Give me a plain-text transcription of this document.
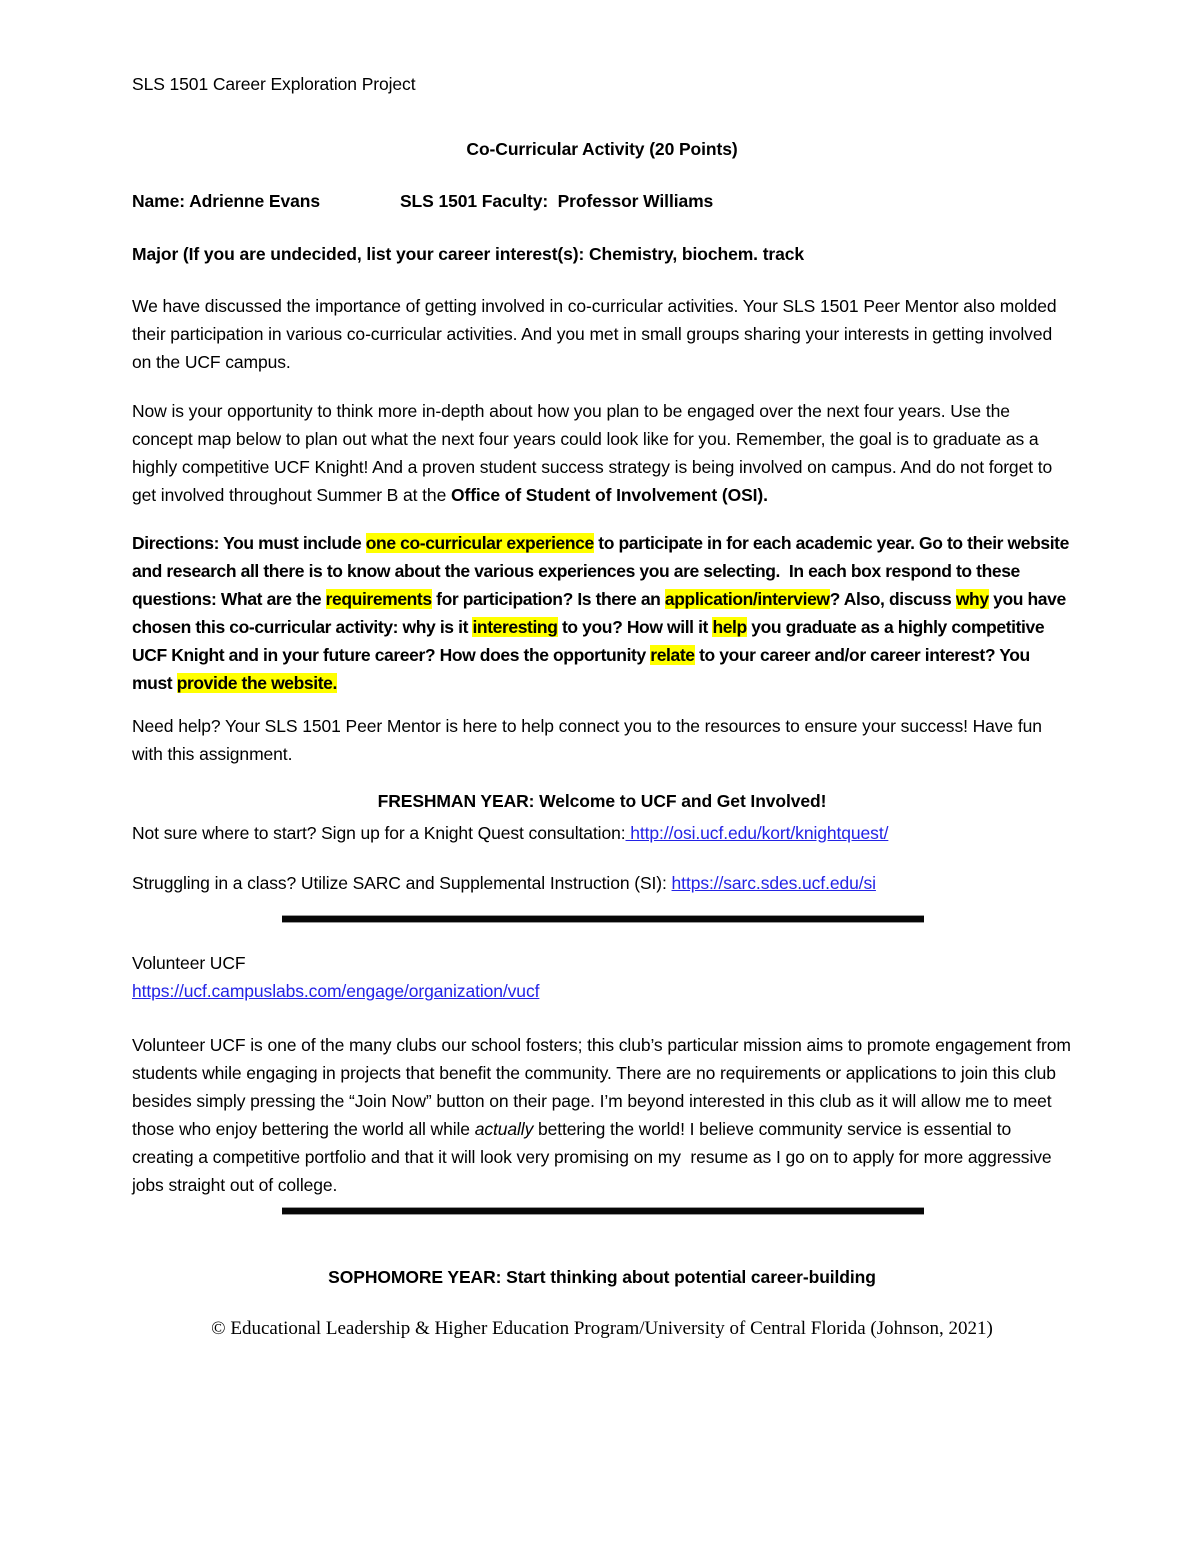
SLS 1501 Career Exploration Project

Co-Curricular Activity (20 Points)

Name: Adrienne Evans	SLS 1501 Faculty:  Professor Williams

Major (If you are undecided, list your career interest(s): Chemistry, biochem. track

We have discussed the importance of getting involved in co-curricular activities. Your SLS 1501 Peer Mentor also molded their participation in various co-curricular activities. And you met in small groups sharing your interests in getting involved on the UCF campus.

Now is your opportunity to think more in-depth about how you plan to be engaged over the next four years. Use the concept map below to plan out what the next four years could look like for you. Remember, the goal is to graduate as a highly competitive UCF Knight! And a proven student success strategy is being involved on campus. And do not forget to get involved throughout Summer B at the Office of Student of Involvement (OSI).

Directions: You must include one co-curricular experience to participate in for each academic year. Go to their website and research all there is to know about the various experiences you are selecting.  In each box respond to these questions: What are the requirements for participation? Is there an application/interview? Also, discuss why you have chosen this co-curricular activity: why is it interesting to you? How will it help you graduate as a highly competitive UCF Knight and in your future career? How does the opportunity relate to your career and/or career interest? You must provide the website.

Need help? Your SLS 1501 Peer Mentor is here to help connect you to the resources to ensure your success! Have fun with this assignment.

FRESHMAN YEAR: Welcome to UCF and Get Involved!

Not sure where to start? Sign up for a Knight Quest consultation: http://osi.ucf.edu/kort/knightquest/

Struggling in a class? Utilize SARC and Supplemental Instruction (SI): https://sarc.sdes.ucf.edu/si

Volunteer UCF

https://ucf.campuslabs.com/engage/organization/vucf

Volunteer UCF is one of the many clubs our school fosters; this club’s particular mission aims to promote engagement from students while engaging in projects that benefit the community. There are no requirements or applications to join this club besides simply pressing the “Join Now” button on their page. I’m beyond interested in this club as it will allow me to meet those who enjoy bettering the world all while actually bettering the world! I believe community service is essential to creating a competitive portfolio and that it will look very promising on my  resume as I go on to apply for more aggressive jobs straight out of college.

SOPHOMORE YEAR: Start thinking about potential career-building

© Educational Leadership & Higher Education Program/University of Central Florida (Johnson, 2021)
